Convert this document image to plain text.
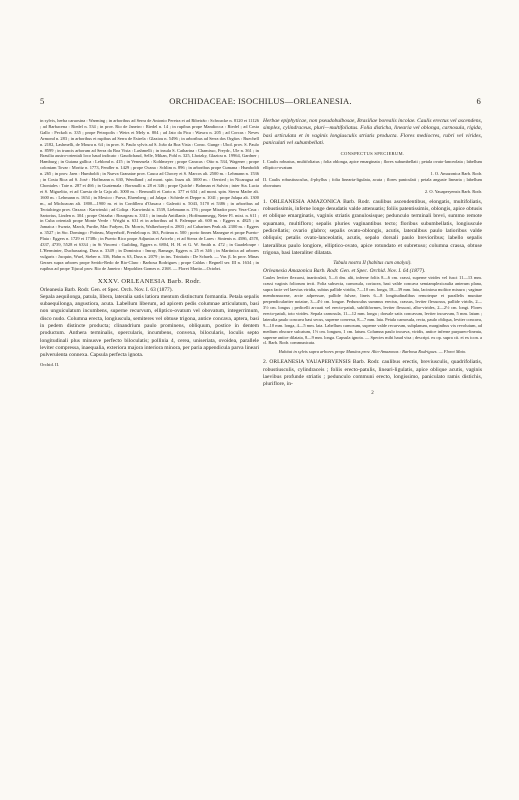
5	ORCHIDACEAE: ISOCHILUS—ORLEANESIA.	6

in sylvis, herba caruosina : Warming ; in arboribus ad Serra de Antonio Pereira et ad Ribeirão : Schwacke n. 8120 et 11126 ; ad Barbacena : Riedel n. 534 ; in prov. Rio de Janeiro : Riedel n. 14 ; in rupibus prope Mandiocca : Riedel ; ad Costa Gallo : Peckolt n. 335 ; prope Petropolis : Weirs et Mely n. 804 ; ad Jato da Pica : Wawra n. 205 ; ad Corcas : Neves Armond n. 283 ; in arboribus et rupibus ad Serra de Estrela : Glaziou n. 5496 ; in arboribus ad Serra dos Orgâos : Buechell n. 2182, Lashmelli, de Moura n. 64 ; in prov. S. Paulo sylvis ad S. João da Boa Vista : Consc. Gunge : Ubol. prov. S. Paulo n. 8599 ; in truncis arborum ad Serra da Boa Vista : Lashmelli ; in insula S. Catharina : Chamisso, Freydr., Ule n. 361 ; in Brasilia austro-orientali loco haud indicato : Gaudichaud, Selle, Mikan, Pohl n. 325, Lhotzky, Glaziou n. 19964, Gardner ; Hamburg ; in Guiana gallica : Leblond n. 415 ; in Venezuela : Kohlmeyer ; prope Caracas : Otto n. 534, Wagener ; prope coloniam Tovar : Moritz n. 1773, Fendler n. 1429 ; prope Ocana : Schlim n. 896 ; in arboribus prope Cumana : Humboldt n. 265 ; in prov. Jaen : Humboldt ; in Nueva Granatae prov. Cauca ad Chocey et S. Marcos alt. 2500 m. : Lehmann n. 1536 ; in Costa Rica ad S. José : Hoffmann n. 630, Wendland ; ad mont. spin. Irazu alt. 3000 m. : Oersted ; in Nicaragua ad Chontales : Tate n. 287 et 466 ; in Guatemala : Borsnulli n. 28 et 346 ; prope Quiché : Bohman et Salvin ; inter Sta. Lucia et S. Miguelito, et ad Cuesta de la Caja alt. 3000 m. : Bernoulli et Cario n. 377 et 634 ; ad mont. spin. Sierra Madre alt. 1600 m. : Lehmann n. 1654 ; in Mexico : Parva, Ehrenberg ; ad Jalapa : Schiede et Deppe n. 1041 ; prope Jalapa alt. 1300 m., ad Michoacan alt. 1800—1900 m. et in Cordillera d'Oaxaca : Galeotti n. 5043, 5170 et 5386 ; in arboribus ad Teotalcingo prov. Oaxaca : Karwinski ; ad Coliqa : Karwinski n. 1539, Liebmann n. 176 ; prope Mirador prov. Vera-Cruz : Sartorius, Linden n. 304 ; prope Orizaba : Bourgeau n. 3311 ; in insula Antillanis ; Hoffmannsegg, Neter Fl. mixt. n. 611 ; in Cuba orientali prope Monte Verde : Wright n. 631 et in arboribus ad S. Palenque alt. 600 m. : Eggers n. 4825 ; in Jamaica : Swartz, March, Purdie, Mac Fadyen, Dr. Morris, Walkerhoeyd n. 2803 ; ad Cabarines Peak alt. 2300 m. : Eggers n. 3527 ; in Sto. Domingo : Poiteau, Mayerhoff, Prenleloup n. 363, Poiteau n. 500 ; porto finnes Manegue et prope Puerto-Plata : Eggers n. 1729 et 1738b ; in Puerto Rico prope Adjuntas et Aricelo ; et ad Sierra de Lares : Sintenis n. 4586, 4578, 4337, 4739, 5528 et 6334 ; in St Vincent : Guilding, Eggers n. 6804, H. H. et G. W. Smith n. 472 ; in Guadeloupe : L'Herminier, Duchassaing, Duss n. 3349 ; in Dominica : Imray, Ramage, Eggers n. 25 et 346 ; in Martinica ad arbores vulgaris : Jacquin, Wuel, Sieber n. 336, Hahn n. 63, Duss n. 2079 ; in ins. Trinitatis : De Schaeh. — Var. β. In prov. Minas Geraes supra arbores prope Serido-Redo de Rio-Claro : Barbosa Rodrigues ; prope Caldas : Regnell ser. III n. 1634 ; in rupibus ad prope Tijucal prov. Rio de Janeiro : Mepohliez Gomes n. 2168. — Floret Martio—Octobri.

XXXV. ORLEANESIA Barb. Rodr.

Orleanesia Barb. Rodr. Gen. et Spec. Orch. Nov. I. 63 (1877).

Sepala aequilonga, patula, libera, lateralia satis latiora mentum distinctum formantia. Petala sepalis subaequilonga, angustiora, acuta. Labellum liberum, ad apicem pedis columnae articulatum, basi non unguiculatum incumbens, superne recurvum, elliptico-ovatum vel obovatum, integerrimum, disco nudo. Columna erecta, longiuscula, semiteres vel obtuse trigona, antice concava, aptera, basi in pedem distincte producta; clinandrium paulo prominens, obliquum, postice in dentem productum. Anthera terminalis, opercularis, incumbens, convexa, bilocularis, loculis septo longitudinali plus minusve perfecto biloculatis; pollinia 4, cerea, uniseriata, ovoidea, parallele leviter compressa, inaequalia, exteriora majora interiora minora, per paria appendicula parva lineari pulverulenta connexa. Capsula perfecta ignota.

Orchid. II.

Herbae epiphyticae, non pseudobulbosae, Brasiliae borealis incolae. Caulis erectus vel ascendens, simplex, cylindraceus, pluri—multifoliatus. Folia disticha, linearia vel oblonga, carnosula, rigida, basi articulata et in vaginis longiusculis striatis producta. Flores mediocres, rubri vel virides, paniculati vel subumbellati.

CONSPECTUS SPECIERUM.
I. Caulis robustus, multifoliatus ; folia oblonga, apice emarginata ; flores subumbellati ; petala ovato-lanceolata ; labellum elliptico-ovatum
1. O. Amazonica Barb. Rodr.
II. Caulis robustiusculus, 4-phyllus ; folia linearia-ligulata, acuta ; flores paniculati ; petala anguste linearia ; labellum obovatum
2. O. Yauaperyensis Barb. Rodr.

1. ORLEANESIA AMAZONICA Barb. Rodr. caulibus ascendentibus, elongatis, multifoliatis, robustissimis, inferne longe denudatis valde attenuatis; foliis patentissimis, oblongis, apice obtusis et oblique emarginatis, vaginis striatis granulosisque; pedunculo terminali brevi, summo remote squamato, multifloro; sepalis pluries vaginantibus tecto; floribus subumbellatis, longiuscule pedicellatis; ovario glabro; sepalis ovato-oblongis, acutis, lateralibus paulo latioribus valde obliquis; petalis ovato-lanceolatis, acutis, sepalo dorsali paulo brevioribus; labello sepalis lateralibus paulo longiore, elliptico-ovato, apice rotundato et subretuso; columna crassa, obtuse trigona, basi lateraliter dilatata.

Tabula nostra II (habitus cum analysi).

Orleanesia Amazonica Barb. Rodr. Gen. et Spec. Orchid. Nov. I. 64 (1877).

Caules leviter flexuosi, inarticulati, 5—6 dm. alti, inferne foliis 8—6 cm. crassi, superne virides vel fusci 11—13 mm. crassi vaginis foliorum tecti. Folia subsecta, carnosula, coriacea, basi valde concava semiamplexicaulia anterum plana, supra facie vel laevius viridia, subtus pallide viridia, 7—10 cm. longa, 18—39 mm. lata, laciniosa molitor mixura ; vaginae membranaceae, arcte adpressae, pallide fulvae, lineis 6—8 longitudinalibus remoteque et parallelis munitae perpendiculariter notatae, 3—4½ cm. longae. Pedunculus summus erectus, crassus, leviter flexuosus, pallide viridis, 2—3½ cm. longus ; pedicelli arcuati vel erecto-patuli, subfiliformes, leviter flexuosi, albo-virides, 2—2½ cm. longi. Flores erecto-patuli, toto virides. Sepala carnosula, 11—12 mm. longa ; dorsale satis concavum, leviter incurvum, 5 mm. latum ; lateralia paulo concava basi secus, superne convexa, 8—7 mm. lata. Petala carnosula, recta, paulo obliqua, leviter concava, 9—10 mm. longa, 4—5 mm. lata. Labellum carnosum, superne valde recurvum, subplanum, marginibus vix revolutum, ad medium obscure sulcatum, 1½ cm. longum, 1 cm. latum. Columna paulo incurva, viridis, antice inferne purpureo-lineata, superne antice dilatata, 8—9 mm. longa. Capsula ignota. — Species mihi haud visa ; descript. ex op. supra cit. et ex icon. a cl. Barb. Rodr. communicata.

Habitat in sylvis supra arbores prope Manáos prov. Alto-Amazonas : Barbosa Rodrigues. — Floret Maio.

2. ORLEANESIA YAUAPERYENSIS Barb. Rodr. caulibus erectis, breviusculis, quadrifoliatis, robustiusculis, cylindraceis ; foliis erecto-patulis, lineari-ligulatis, apice oblique acutis, vaginis laevibus profunde striatis ; pedunculo communi erecto, longissimo, paniculato ramis distichis, pluriflore, in-

2
